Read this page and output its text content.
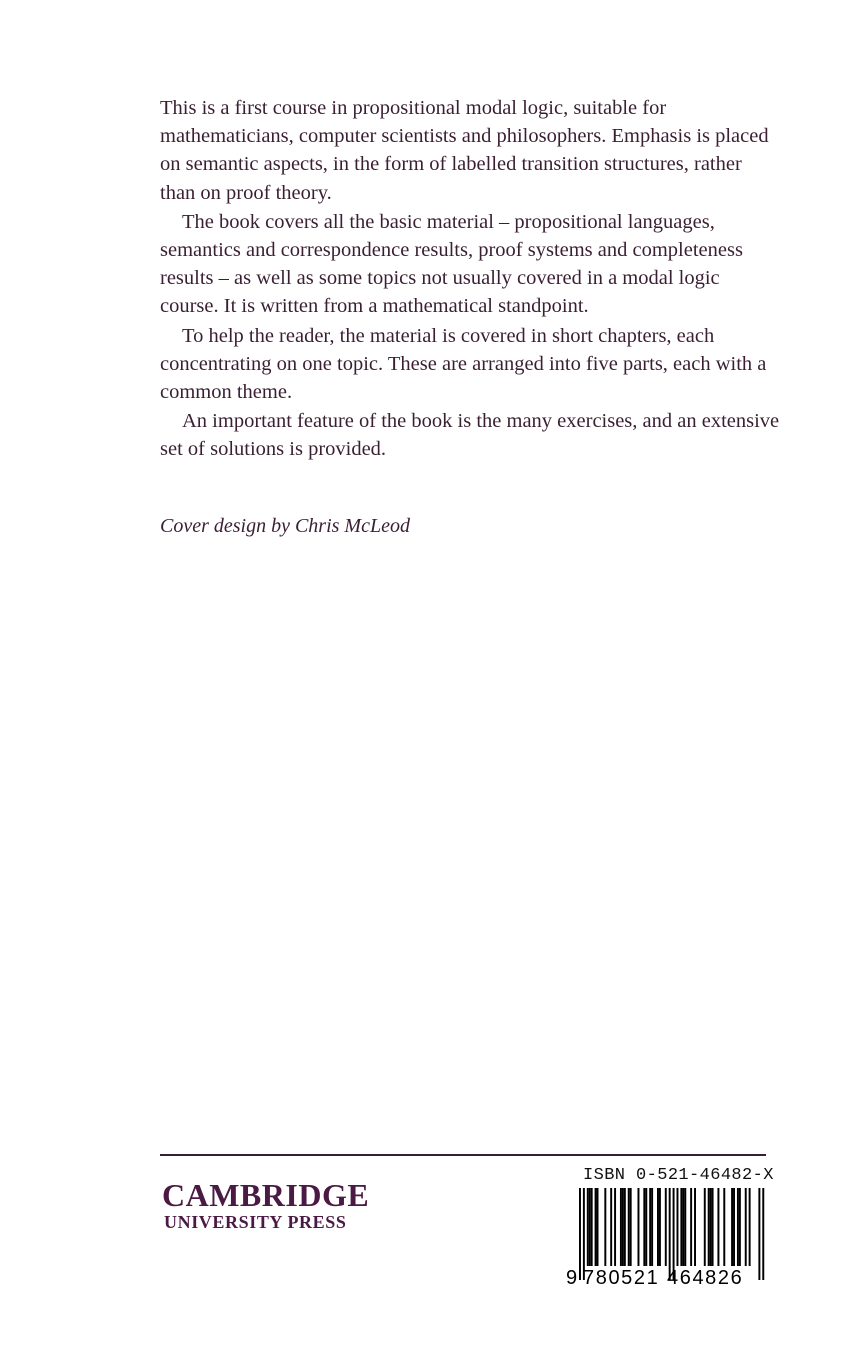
This is a first course in propositional modal logic, suitable for mathematicians, computer scientists and philosophers. Emphasis is placed on semantic aspects, in the form of labelled transition structures, rather than on proof theory.

The book covers all the basic material – propositional languages, semantics and correspondence results, proof systems and completeness results – as well as some topics not usually covered in a modal logic course. It is written from a mathematical standpoint.

To help the reader, the material is covered in short chapters, each concentrating on one topic. These are arranged into five parts, each with a common theme.

An important feature of the book is the many exercises, and an extensive set of solutions is provided.

Cover design by Chris McLeod
CAMBRIDGE
UNIVERSITY PRESS
ISBN 0-521-46482-X
9 780521 464826
